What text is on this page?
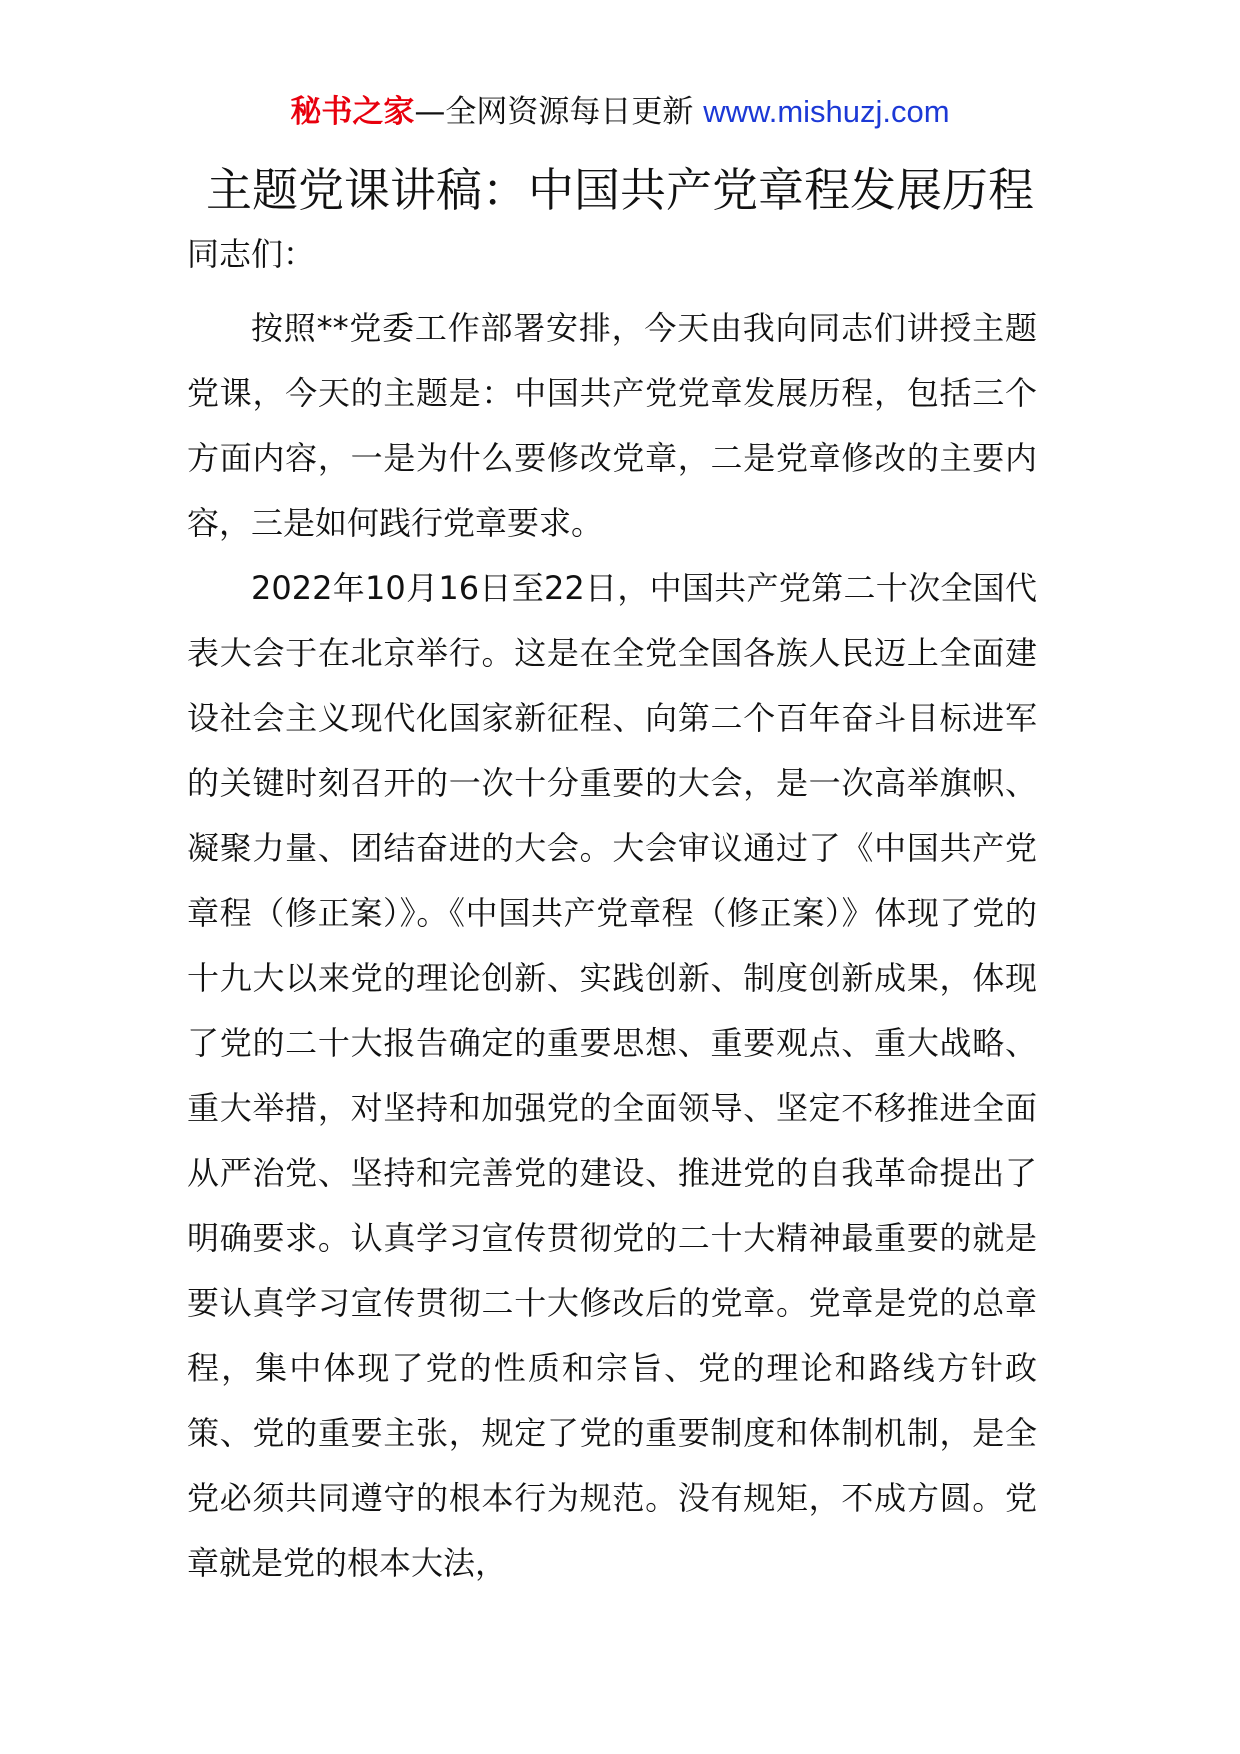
秘书之家—全网资源每日更新 www.mishuzj.com
主题党课讲稿：中国共产党章程发展历程
同志们：

按照**党委工作部署安排，今天由我向同志们讲授主题党课，今天的主题是：中国共产党党章发展历程，包括三个方面内容，一是为什么要修改党章，二是党章修改的主要内容，三是如何践行党章要求。

2022年10月16日至22日，中国共产党第二十次全国代表大会于在北京举行。这是在全党全国各族人民迈上全面建设社会主义现代化国家新征程、向第二个百年奋斗目标进军的关键时刻召开的一次十分重要的大会，是一次高举旗帜、凝聚力量、团结奋进的大会。大会审议通过了《中国共产党章程（修正案）》。《中国共产党章程（修正案）》体现了党的十九大以来党的理论创新、实践创新、制度创新成果，体现了党的二十大报告确定的重要思想、重要观点、重大战略、重大举措，对坚持和加强党的全面领导、坚定不移推进全面从严治党、坚持和完善党的建设、推进党的自我革命提出了明确要求。认真学习宣传贯彻党的二十大精神最重要的就是要认真学习宣传贯彻二十大修改后的党章。党章是党的总章程，集中体现了党的性质和宗旨、党的理论和路线方针政策、党的重要主张，规定了党的重要制度和体制机制，是全党必须共同遵守的根本行为规范。没有规矩，不成方圆。党章就是党的根本大法，
